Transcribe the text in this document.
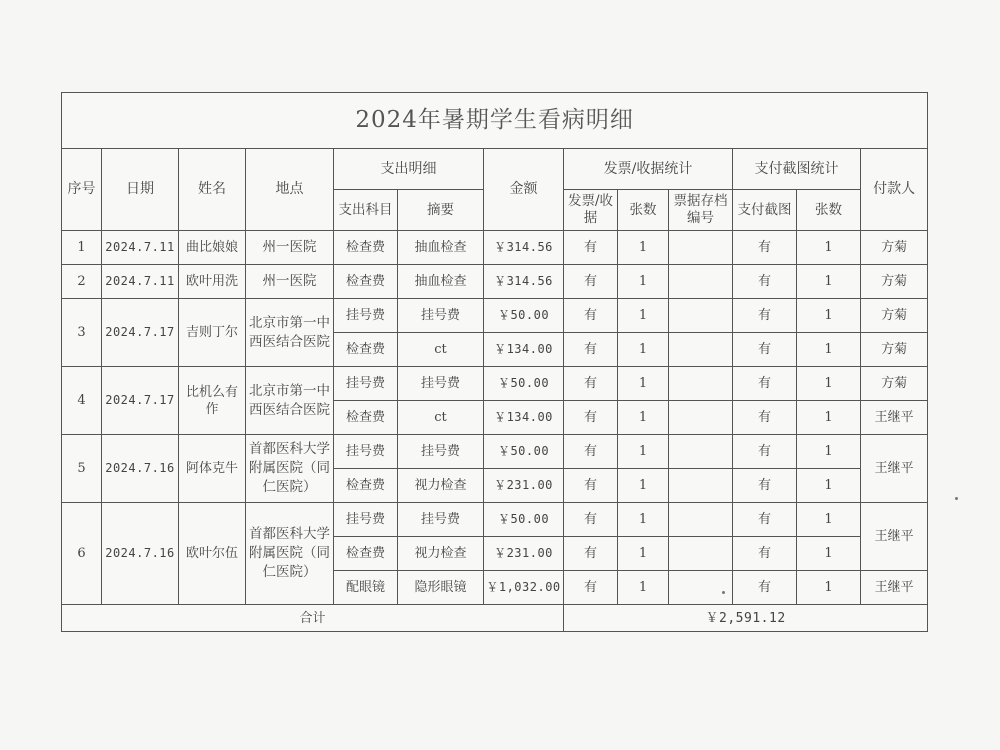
2024年暑期学生看病明细												
序号	日期	姓名	地点	支出明细		金额	发票/收据统计			支付截图统计		付款人
				支出科目	摘要		发票/收据	张数	票据存档编号	支付截图	张数	
1	2024.7.11	曲比娘娘	州一医院	检查费	抽血检查	￥314.56	有	1		有	1	方菊
2	2024.7.11	欧叶用洗	州一医院	检查费	抽血检查	￥314.56	有	1		有	1	方菊
3	2024.7.17	吉则丁尔	北京市第一中西医结合医院	挂号费	挂号费	￥50.00	有	1		有	1	方菊
				检查费	ct	￥134.00	有	1		有	1	方菊
4	2024.7.17	比机么有作	北京市第一中西医结合医院	挂号费	挂号费	￥50.00	有	1		有	1	方菊
				检查费	ct	￥134.00	有	1		有	1	王继平
5	2024.7.16	阿体克牛	首都医科大学附属医院（同仁医院）	挂号费	挂号费	￥50.00	有	1		有	1	王继平
				检查费	视力检查	￥231.00	有	1		有	1	
6	2024.7.16	欧叶尔伍	首都医科大学附属医院（同仁医院）	挂号费	挂号费	￥50.00	有	1		有	1	王继平
				检查费	视力检查	￥231.00	有	1		有	1	
				配眼镜	隐形眼镜	￥1,032.00	有	1		有	1	王继平
合计							￥2,591.12					
